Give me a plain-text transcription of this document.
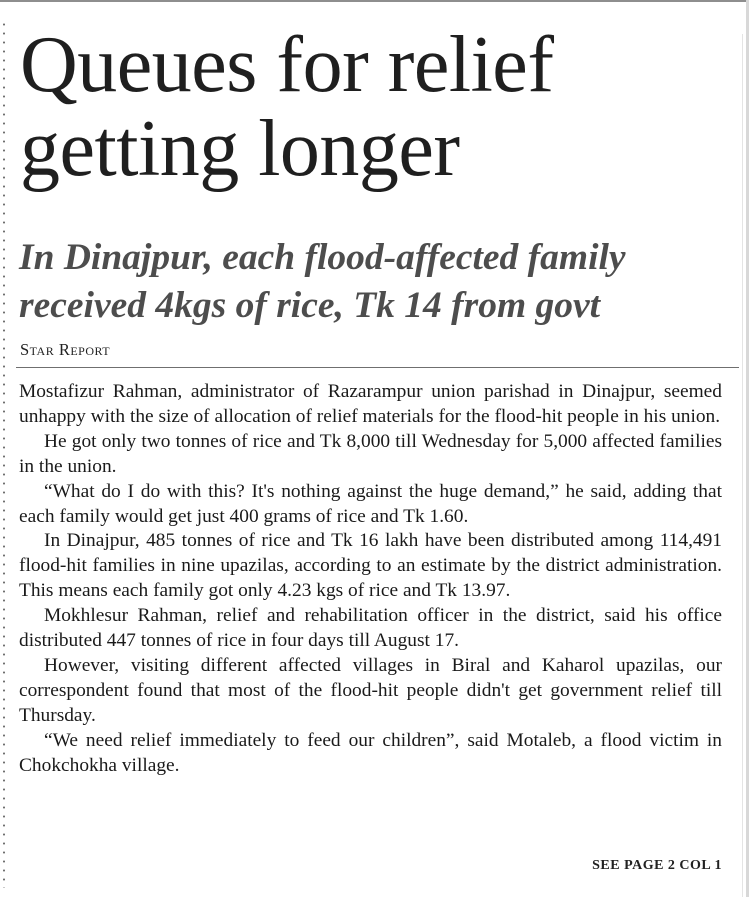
Queues for relief getting longer
In Dinajpur, each flood-affected family received 4kgs of rice, Tk 14 from govt
Star Report

Mostafizur Rahman, administrator of Razarampur union parishad in Dinajpur, seemed unhappy with the size of allocation of relief materials for the flood-hit people in his union.

He got only two tonnes of rice and Tk 8,000 till Wednesday for 5,000 affected families in the union.

“What do I do with this? It's nothing against the huge demand,” he said, adding that each family would get just 400 grams of rice and Tk 1.60.

In Dinajpur, 485 tonnes of rice and Tk 16 lakh have been distributed among 114,491 flood-hit families in nine upazilas, according to an estimate by the district administration. This means each family got only 4.23 kgs of rice and Tk 13.97.

Mokhlesur Rahman, relief and rehabilitation officer in the district, said his office distributed 447 tonnes of rice in four days till August 17.

However, visiting different affected villages in Biral and Kaharol upazilas, our correspondent found that most of the flood-hit people didn't get government relief till Thursday.

“We need relief immediately to feed our children”, said Motaleb, a flood victim in Chokchokha village.

SEE PAGE 2 COL 1
